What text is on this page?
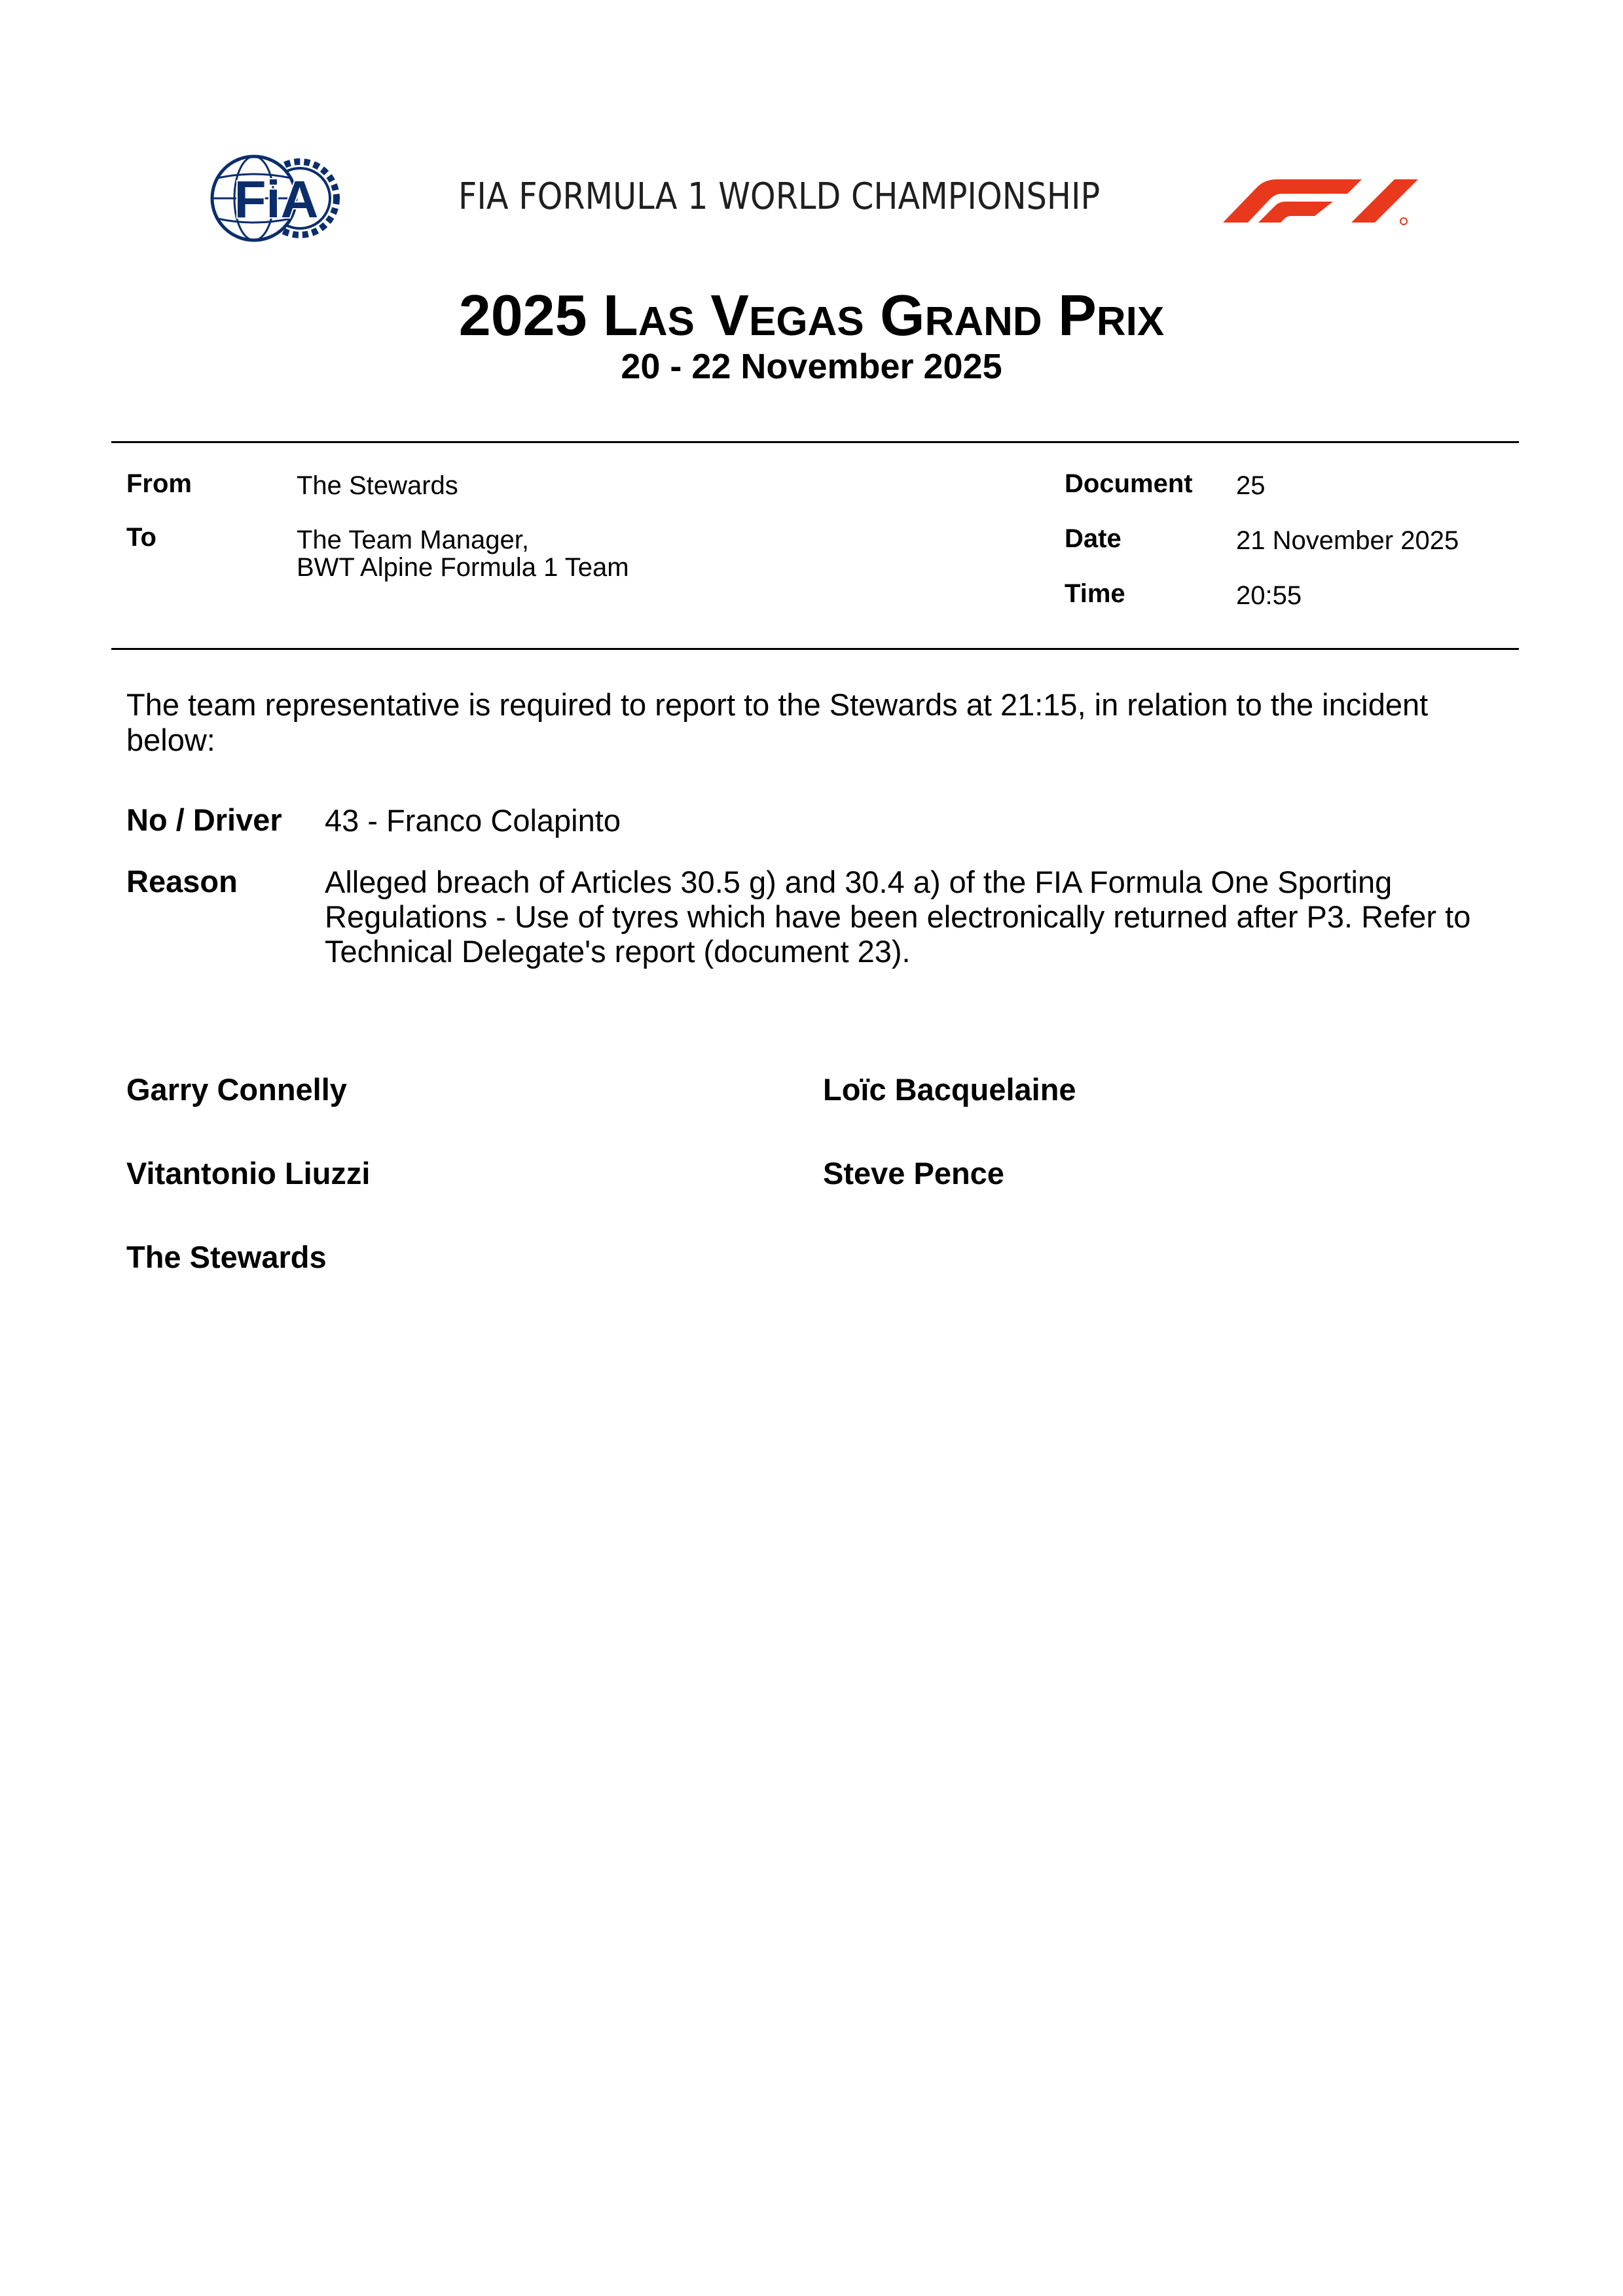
FiA	FIA FORMULA 1 WORLD CHAMPIONSHIP
2025 Las Vegas Grand Prix
20 - 22 November 2025
From	The Stewards
To	The Team Manager,
BWT Alpine Formula 1 Team
Document 25
Date	21 November 2025
Time	20:55
The team representative is required to report to the Stewards at 21:15, in relation to the incident below:
No / Driver 43 - Franco Colapinto
Reason	Alleged breach of Articles 30.5 g) and 30.4 a) of the FIA Formula One Sporting Regulations - Use of tyres which have been electronically returned after P3. Refer to Technical Delegate's report (document 23).
Garry Connelly	Loïc Bacquelaine
Vitantonio Liuzzi	Steve Pence
The Stewards
